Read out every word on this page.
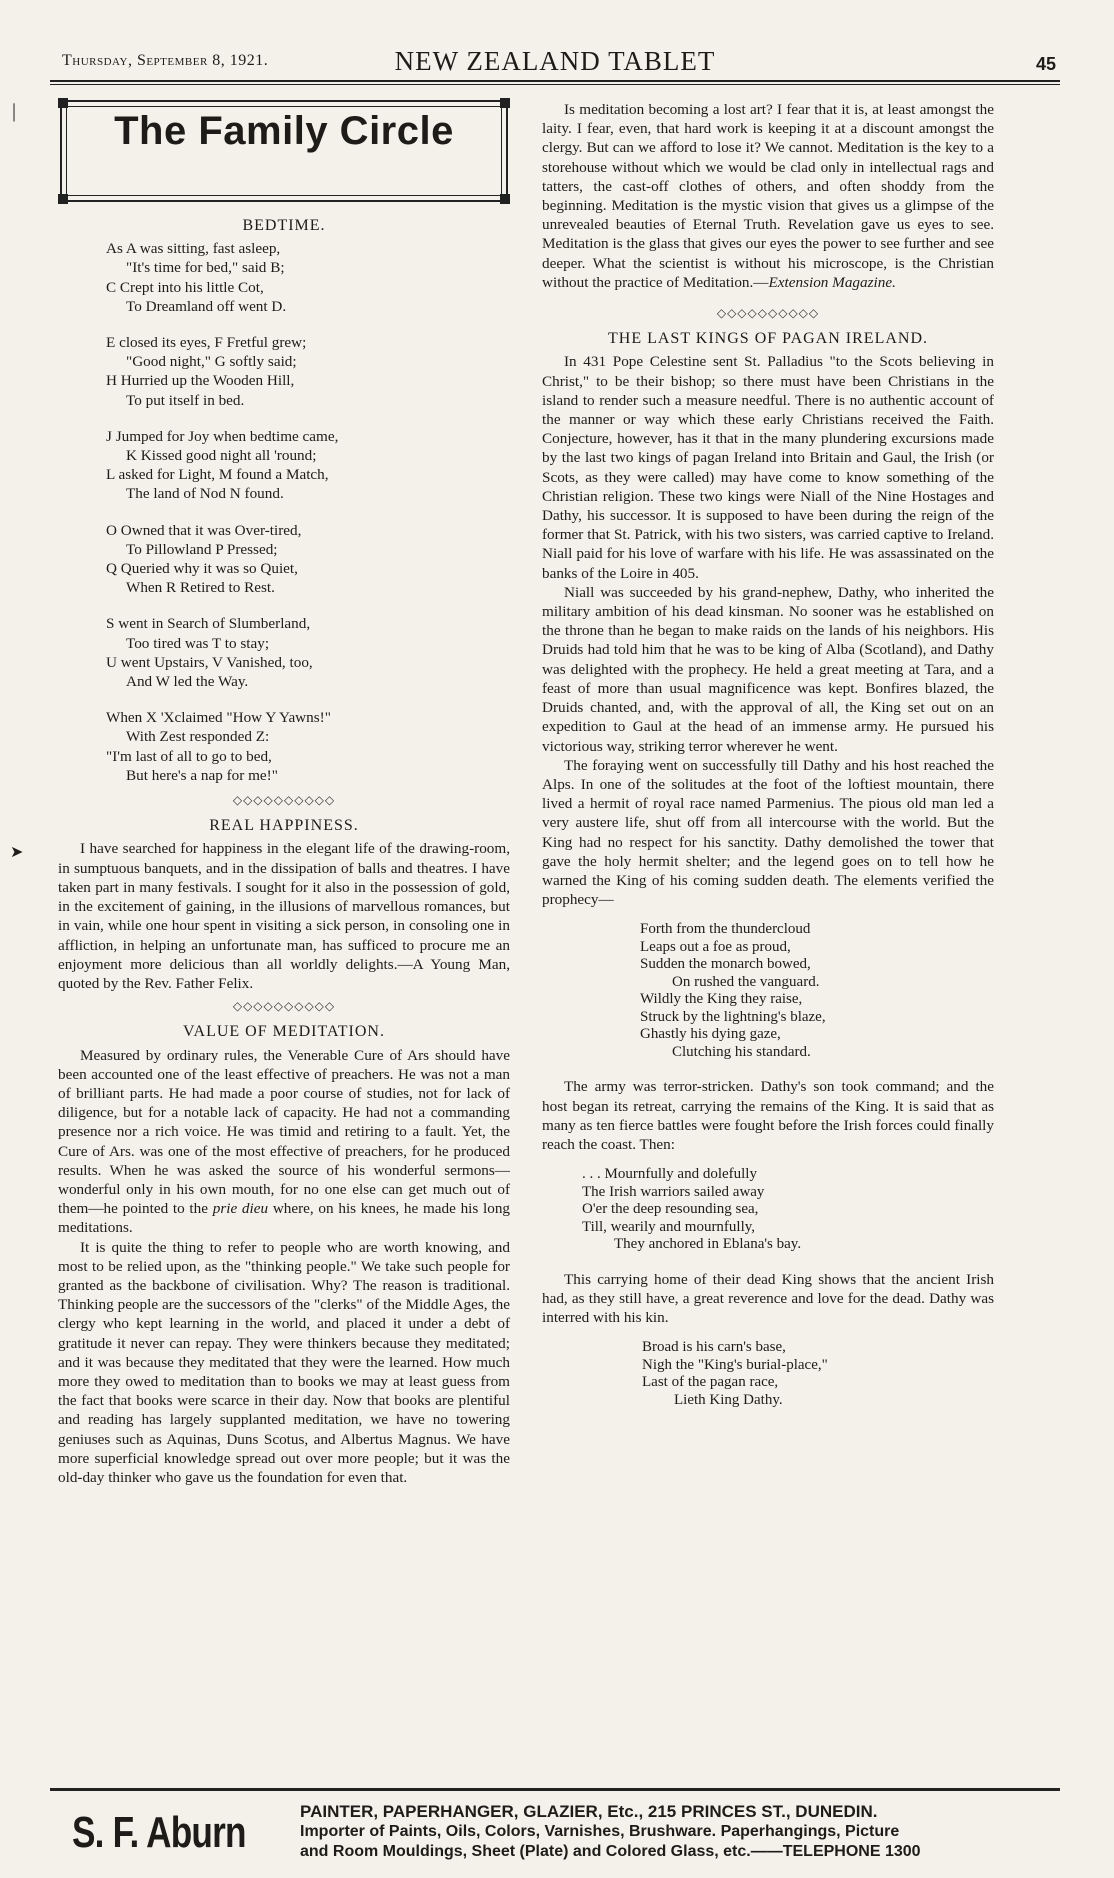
Thursday, September 8, 1921.	NEW ZEALAND TABLET	45
|
➤
The Family Circle
BEDTIME.
As A was sitting, fast asleep,
"It's time for bed," said B;
C Crept into his little Cot,
To Dreamland off went D.
E closed its eyes, F Fretful grew;
"Good night," G softly said;
H Hurried up the Wooden Hill,
To put itself in bed.
J Jumped for Joy when bedtime came,
K Kissed good night all 'round;
L asked for Light, M found a Match,
The land of Nod N found.
O Owned that it was Over-tired,
To Pillowland P Pressed;
Q Queried why it was so Quiet,
When R Retired to Rest.
S went in Search of Slumberland,
Too tired was T to stay;
U went Upstairs, V Vanished, too,
And W led the Way.
When X 'Xclaimed "How Y Yawns!"
With Zest responded Z:
"I'm last of all to go to bed,
But here's a nap for me!"
◇◇◇◇◇◇◇◇◇◇
REAL HAPPINESS.

I have searched for happiness in the elegant life of the drawing-room, in sumptuous banquets, and in the dissipation of balls and theatres. I have taken part in many festivals. I sought for it also in the possession of gold, in the excitement of gaining, in the illusions of marvellous romances, but in vain, while one hour spent in visiting a sick person, in consoling one in affliction, in helping an unfortunate man, has sufficed to procure me an enjoyment more delicious than all worldly delights.—A Young Man, quoted by the Rev. Father Felix.

◇◇◇◇◇◇◇◇◇◇
VALUE OF MEDITATION.

Measured by ordinary rules, the Venerable Cure of Ars should have been accounted one of the least effective of preachers. He was not a man of brilliant parts. He had made a poor course of studies, not for lack of diligence, but for a notable lack of capacity. He had not a commanding presence nor a rich voice. He was timid and retiring to a fault. Yet, the Cure of Ars. was one of the most effective of preachers, for he produced results. When he was asked the source of his wonderful sermons—wonderful only in his own mouth, for no one else can get much out of them—he pointed to the prie dieu where, on his knees, he made his long meditations.

It is quite the thing to refer to people who are worth knowing, and most to be relied upon, as the "thinking people." We take such people for granted as the backbone of civilisation. Why? The reason is traditional. Thinking people are the successors of the "clerks" of the Middle Ages, the clergy who kept learning in the world, and placed it under a debt of gratitude it never can repay. They were thinkers because they meditated; and it was because they meditated that they were the learned. How much more they owed to meditation than to books we may at least guess from the fact that books were scarce in their day. Now that books are plentiful and reading has largely supplanted meditation, we have no towering geniuses such as Aquinas, Duns Scotus, and Albertus Magnus. We have more superficial knowledge spread out over more people; but it was the old-day thinker who gave us the foundation for even that.

Is meditation becoming a lost art? I fear that it is, at least amongst the laity. I fear, even, that hard work is keeping it at a discount amongst the clergy. But can we afford to lose it? We cannot. Meditation is the key to a storehouse without which we would be clad only in intellectual rags and tatters, the cast-off clothes of others, and often shoddy from the beginning. Meditation is the mystic vision that gives us a glimpse of the unrevealed beauties of Eternal Truth. Revelation gave us eyes to see. Meditation is the glass that gives our eyes the power to see further and see deeper. What the scientist is without his microscope, is the Christian without the practice of Meditation.—Extension Magazine.

◇◇◇◇◇◇◇◇◇◇
THE LAST KINGS OF PAGAN IRELAND.

In 431 Pope Celestine sent St. Palladius "to the Scots believing in Christ," to be their bishop; so there must have been Christians in the island to render such a measure needful. There is no authentic account of the manner or way which these early Christians received the Faith. Conjecture, however, has it that in the many plundering excursions made by the last two kings of pagan Ireland into Britain and Gaul, the Irish (or Scots, as they were called) may have come to know something of the Christian religion. These two kings were Niall of the Nine Hostages and Dathy, his successor. It is supposed to have been during the reign of the former that St. Patrick, with his two sisters, was carried captive to Ireland. Niall paid for his love of warfare with his life. He was assassinated on the banks of the Loire in 405.

Niall was succeeded by his grand-nephew, Dathy, who inherited the military ambition of his dead kinsman. No sooner was he established on the throne than he began to make raids on the lands of his neighbors. His Druids had told him that he was to be king of Alba (Scotland), and Dathy was delighted with the prophecy. He held a great meeting at Tara, and a feast of more than usual magnificence was kept. Bonfires blazed, the Druids chanted, and, with the approval of all, the King set out on an expedition to Gaul at the head of an immense army. He pursued his victorious way, striking terror wherever he went.

The foraying went on successfully till Dathy and his host reached the Alps. In one of the solitudes at the foot of the loftiest mountain, there lived a hermit of royal race named Parmenius. The pious old man led a very austere life, shut off from all intercourse with the world. But the King had no respect for his sanctity. Dathy demolished the tower that gave the holy hermit shelter; and the legend goes on to tell how he warned the King of his coming sudden death. The elements verified the prophecy—

Forth from the thundercloud
Leaps out a foe as proud,
Sudden the monarch bowed,
On rushed the vanguard.
Wildly the King they raise,
Struck by the lightning's blaze,
Ghastly his dying gaze,
Clutching his standard.

The army was terror-stricken. Dathy's son took command; and the host began its retreat, carrying the remains of the King. It is said that as many as ten fierce battles were fought before the Irish forces could finally reach the coast. Then:

. . . Mournfully and dolefully
The Irish warriors sailed away
O'er the deep resounding sea,
Till, wearily and mournfully,
They anchored in Eblana's bay.

This carrying home of their dead King shows that the ancient Irish had, as they still have, a great reverence and love for the dead. Dathy was interred with his kin.

Broad is his carn's base,
Nigh the "King's burial-place,"
Last of the pagan race,
Lieth King Dathy.
S. F. Aburn	PAINTER, PAPERHANGER, GLAZIER, Etc., 215 PRINCES ST., DUNEDIN.
Importer of Paints, Oils, Colors, Varnishes, Brushware. Paperhangings, Picture
and Room Mouldings, Sheet (Plate) and Colored Glass, etc.——TELEPHONE 1300
